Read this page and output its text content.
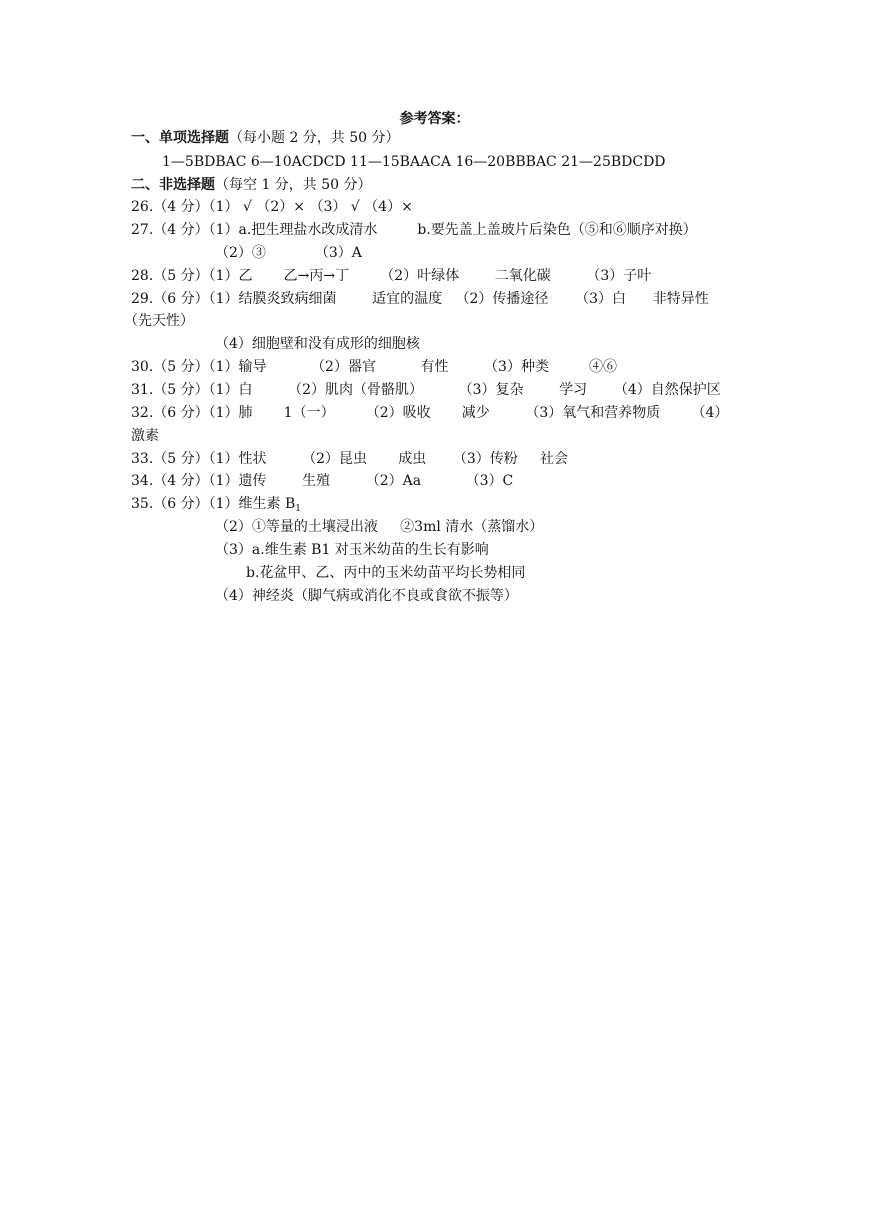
参考答案：
一、单项选择题（每小题 2 分，共 50 分）
1—5BDBAC 6—10ACDCD 11—15BAACA 16—20BBBAC 21—25BDCDD
二、非选择题（每空 1 分，共 50 分）
26.（4 分）（1） √ （2）× （3） √ （4）×
27.（4 分）（1）a.把生理盐水改成清水         b.要先盖上盖玻片后染色（⑤和⑥顺序对换）
（2）③           （3）A
28.（5 分）（1）乙       乙→丙→丁       （2）叶绿体        二氧化碳        （3）子叶
29.（6 分）（1）结膜炎致病细菌        适宜的温度   （2）传播途径      （3）白      非特异性
（先天性）
（4）细胞壁和没有成形的细胞核
30.（5 分）（1）输导          （2）器官          有性        （3）种类         ④⑥
31.（5 分）（1）白        （2）肌肉（骨骼肌）        （3）复杂        学习      （4）自然保护区
32.（6 分）（1）肺       1（一）       （2）吸收       减少        （3）氧气和营养物质       （4）
激素
33.（5 分）（1）性状        （2）昆虫       成虫      （3）传粉     社会
34.（4 分）（1）遗传        生殖        （2）Aa          （3）C
35.（6 分）（1）维生素 $B_1$
（2）①等量的土壤浸出液     ②3ml 清水（蒸馏水）
（3）a.维生素 B1 对玉米幼苗的生长有影响
b.花盆甲、乙、丙中的玉米幼苗平均长势相同
（4）神经炎（脚气病或消化不良或食欲不振等）
